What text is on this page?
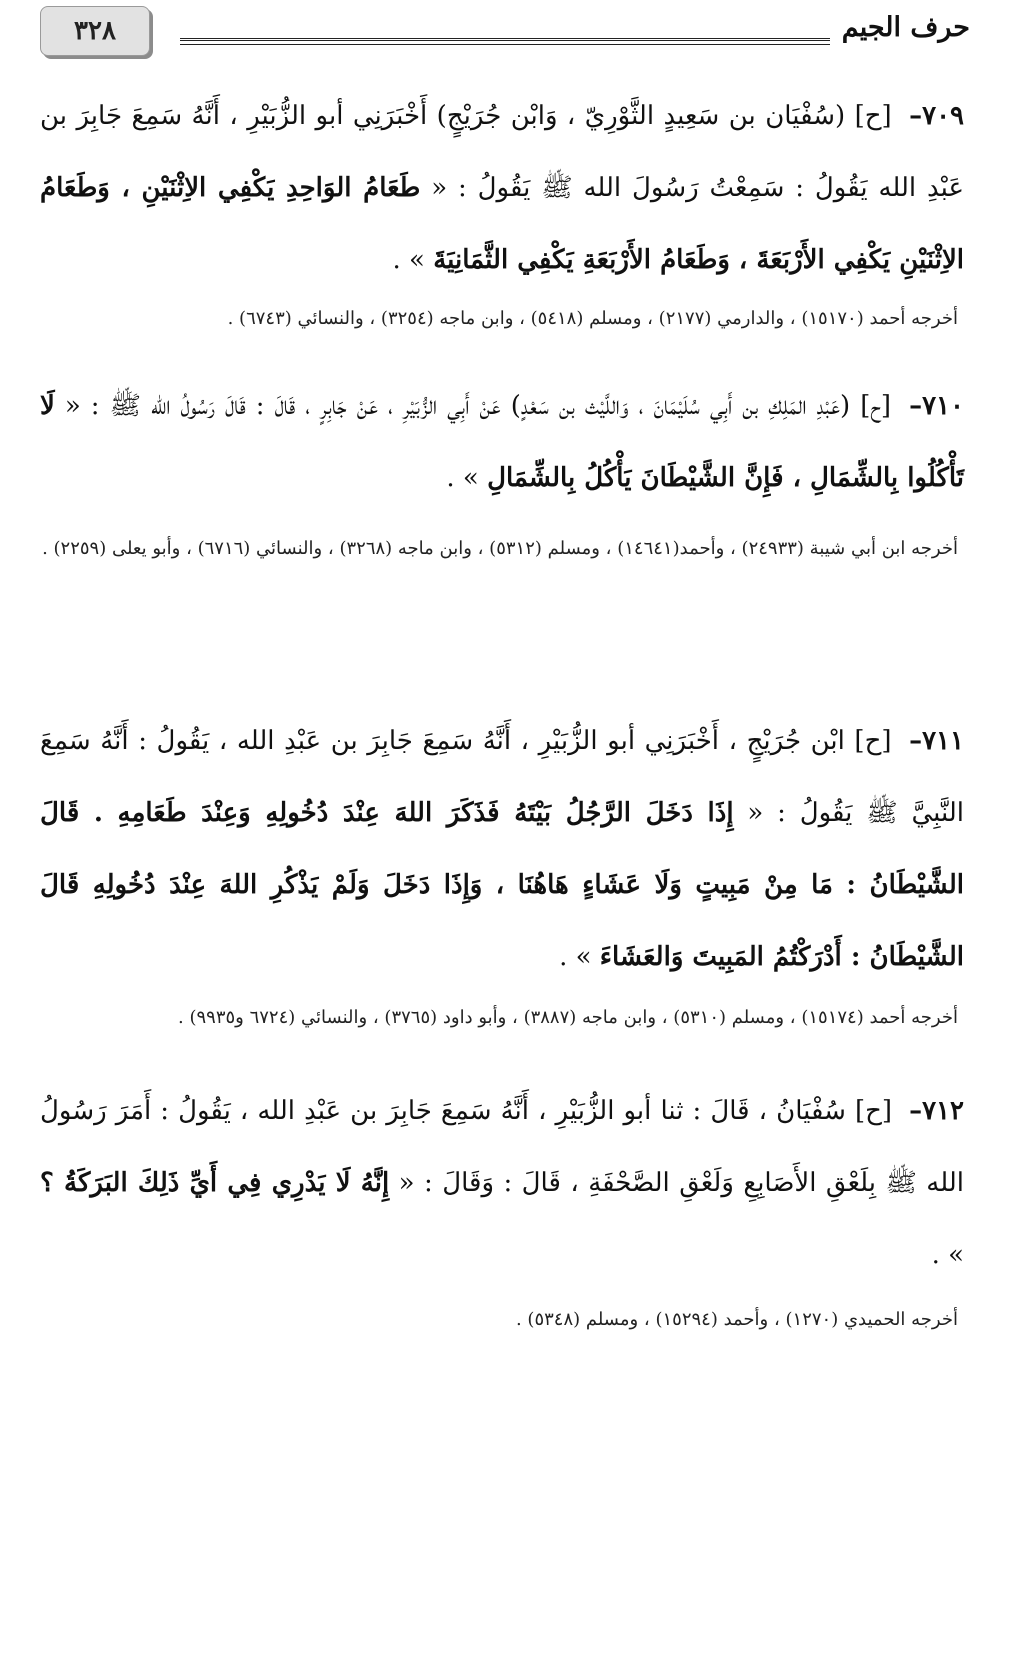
حرف الجيم
٣٢٨

٧٠٩– [ح] (سُفْيَان بن سَعِيدٍ الثَّوْرِيّ ، وَابْن جُرَيْجٍ) أَخْبَرَنِي أبو الزُّبَيْرِ ، أَنَّهُ سَمِعَ جَابِرَ بن عَبْدِ الله يَقُولُ : سَمِعْتُ رَسُولَ الله ﷺ يَقُولُ : « طَعَامُ الوَاحِدِ يَكْفِي الاِثْنَيْنِ ، وَطَعَامُ الاِثْنَيْنِ يَكْفِي الأَرْبَعَةَ ، وَطَعَامُ الأَرْبَعَةِ يَكْفِي الثَّمَانِيَةَ » .

أخرجه أحمد (١٥١٧٠) ، والدارمي (٢١٧٧) ، ومسلم (٥٤١٨) ، وابن ماجه (٣٢٥٤) ، والنسائي (٦٧٤٣) .

٧١٠– [ح] (عَبْدِ المَلِكِ بن أَبِي سُلَيْمَانَ ، وَاللَّيْث بن سَعْدٍ) عَنْ أَبِي الزُّبَيْرِ ، عَنْ جَابِرٍ ، قَالَ : قَالَ رَسُولُ الله ﷺ : « لَا تَأْكُلُوا بِالشِّمَالِ ، فَإِنَّ الشَّيْطَانَ يَأْكُلُ بِالشِّمَالِ » .

أخرجه ابن أبي شيبة (٢٤٩٣٣) ، وأحمد(١٤٦٤١) ، ومسلم (٥٣١٢) ، وابن ماجه (٣٢٦٨) ، والنسائي (٦٧١٦) ، وأبو يعلى (٢٢٥٩) .

٧١١– [ح] ابْن جُرَيْجٍ ، أَخْبَرَنِي أبو الزُّبَيْرِ ، أَنَّهُ سَمِعَ جَابِرَ بن عَبْدِ الله ، يَقُولُ : أَنَّهُ سَمِعَ النَّبِيَّ ﷺ يَقُولُ : « إِذَا دَخَلَ الرَّجُلُ بَيْتَهُ فَذَكَرَ اللهَ عِنْدَ دُخُولِهِ وَعِنْدَ طَعَامِهِ . قَالَ الشَّيْطَانُ : مَا مِنْ مَبِيتٍ وَلَا عَشَاءٍ هَاهُنَا ، وَإِذَا دَخَلَ وَلَمْ يَذْكُرِ اللهَ عِنْدَ دُخُولِهِ قَالَ الشَّيْطَانُ : أَدْرَكْتُمُ المَبِيتَ وَالعَشَاءَ » .

أخرجه أحمد (١٥١٧٤) ، ومسلم (٥٣١٠) ، وابن ماجه (٣٨٨٧) ، وأبو داود (٣٧٦٥) ، والنسائي (٦٧٢٤ و٩٩٣٥) .

٧١٢– [ح] سُفْيَانُ ، قَالَ : ثنا أبو الزُّبَيْرِ ، أَنَّهُ سَمِعَ جَابِرَ بن عَبْدِ الله ، يَقُولُ : أَمَرَ رَسُولُ الله ﷺ بِلَعْقِ الأَصَابِعِ وَلَعْقِ الصَّحْفَةِ ، قَالَ : وَقَالَ : « إِنَّهُ لَا يَدْرِي فِي أَيِّ ذَلِكَ البَرَكَةُ ؟ » .

أخرجه الحميدي (١٢٧٠) ، وأحمد (١٥٢٩٤) ، ومسلم (٥٣٤٨) .
